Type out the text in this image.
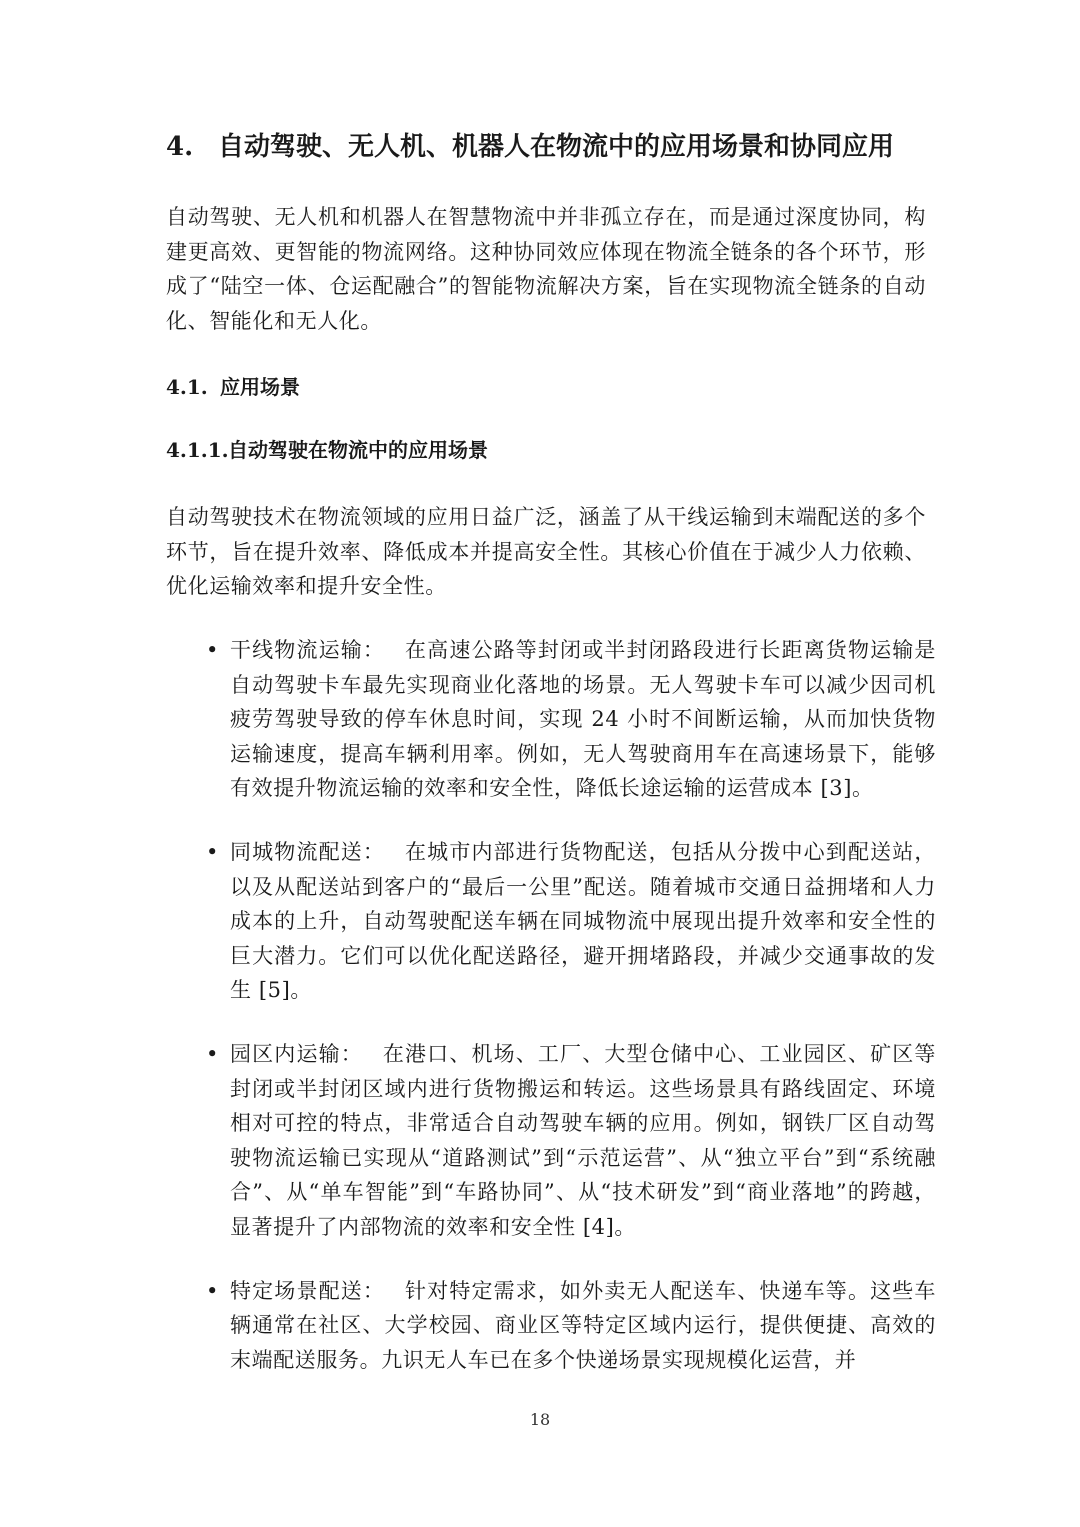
4. 自动驾驶、无人机、机器人在物流中的应用场景和协同应用

自动驾驶、无人机和机器人在智慧物流中并非孤立存在，而是通过深度协同，构建更高效、更智能的物流网络。这种协同效应体现在物流全链条的各个环节，形成了“陆空一体、仓运配融合”的智能物流解决方案，旨在实现物流全链条的自动化、智能化和无人化。

4.1. 应用场景
4.1.1.自动驾驶在物流中的应用场景

自动驾驶技术在物流领域的应用日益广泛，涵盖了从干线运输到末端配送的多个环节，旨在提升效率、降低成本并提高安全性。其核心价值在于减少人力依赖、优化运输效率和提升安全性。

• 干线物流运输： 在高速公路等封闭或半封闭路段进行长距离货物运输是自动驾驶卡车最先实现商业化落地的场景。无人驾驶卡车可以减少因司机疲劳驾驶导致的停车休息时间，实现 24 小时不间断运输，从而加快货物运输速度，提高车辆利用率。例如，无人驾驶商用车在高速场景下，能够有效提升物流运输的效率和安全性，降低长途运输的运营成本 [3]。
• 同城物流配送： 在城市内部进行货物配送，包括从分拨中心到配送站，以及从配送站到客户的“最后一公里”配送。随着城市交通日益拥堵和人力成本的上升，自动驾驶配送车辆在同城物流中展现出提升效率和安全性的巨大潜力。它们可以优化配送路径，避开拥堵路段，并减少交通事故的发生 [5]。
• 园区内运输： 在港口、机场、工厂、大型仓储中心、工业园区、矿区等封闭或半封闭区域内进行货物搬运和转运。这些场景具有路线固定、环境相对可控的特点，非常适合自动驾驶车辆的应用。例如，钢铁厂区自动驾驶物流运输已实现从“道路测试”到“示范运营”、从“独立平台”到“系统融合”、从“单车智能”到“车路协同”、从“技术研发”到“商业落地”的跨越，显著提升了内部物流的效率和安全性 [4]。
• 特定场景配送： 针对特定需求，如外卖无人配送车、快递车等。这些车辆通常在社区、大学校园、商业区等特定区域内运行，提供便捷、高效的末端配送服务。九识无人车已在多个快递场景实现规模化运营，并
18
